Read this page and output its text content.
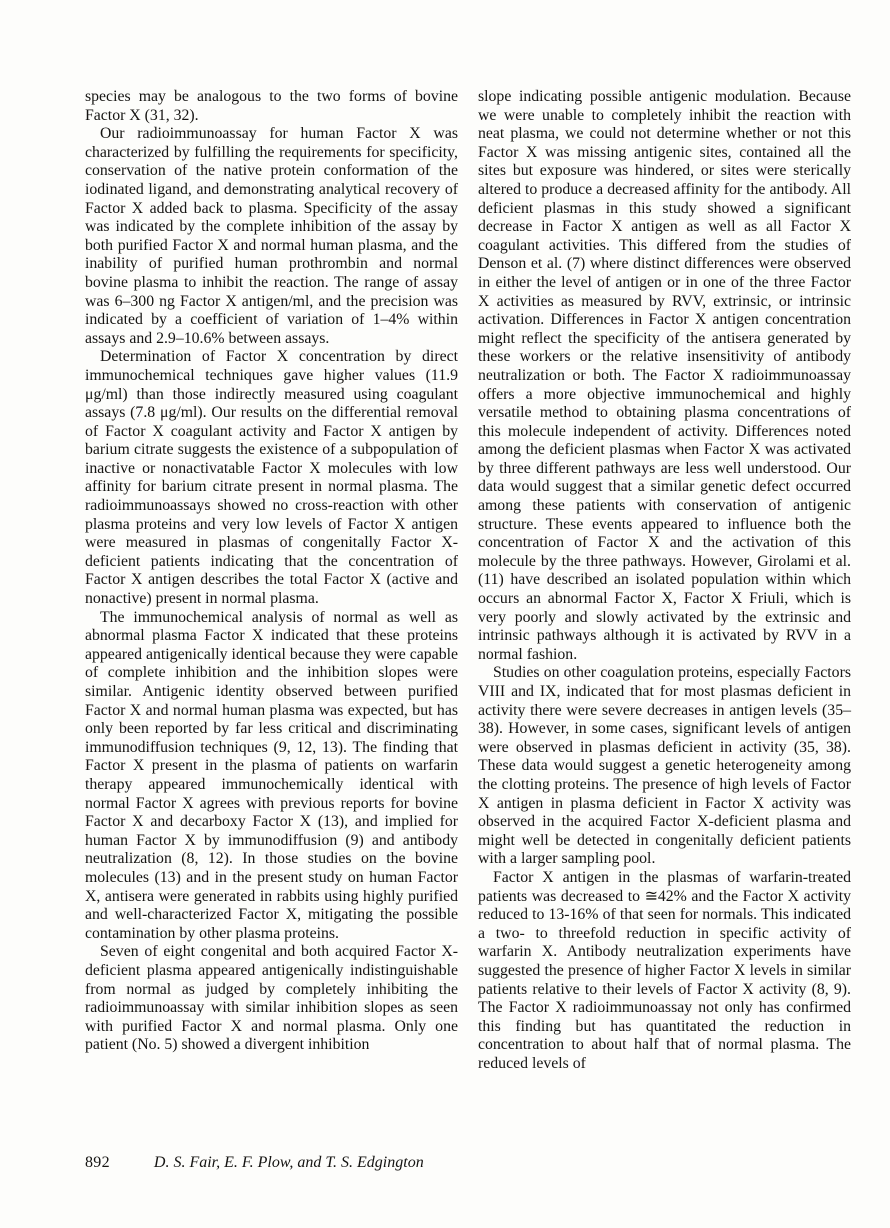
species may be analogous to the two forms of bovine Factor X (31, 32).

Our radioimmunoassay for human Factor X was characterized by fulfilling the requirements for specificity, conservation of the native protein conformation of the iodinated ligand, and demonstrating analytical recovery of Factor X added back to plasma. Specificity of the assay was indicated by the complete inhibition of the assay by both purified Factor X and normal human plasma, and the inability of purified human prothrombin and normal bovine plasma to inhibit the reaction. The range of assay was 6–300 ng Factor X antigen/ml, and the precision was indicated by a coefficient of variation of 1–4% within assays and 2.9–10.6% between assays.

Determination of Factor X concentration by direct immunochemical techniques gave higher values (11.9 μg/ml) than those indirectly measured using coagulant assays (7.8 μg/ml). Our results on the differential removal of Factor X coagulant activity and Factor X antigen by barium citrate suggests the existence of a subpopulation of inactive or nonactivatable Factor X molecules with low affinity for barium citrate present in normal plasma. The radioimmunoassays showed no cross-reaction with other plasma proteins and very low levels of Factor X antigen were measured in plasmas of congenitally Factor X-deficient patients indicating that the concentration of Factor X antigen describes the total Factor X (active and nonactive) present in normal plasma.

The immunochemical analysis of normal as well as abnormal plasma Factor X indicated that these proteins appeared antigenically identical because they were capable of complete inhibition and the inhibition slopes were similar. Antigenic identity observed between purified Factor X and normal human plasma was expected, but has only been reported by far less critical and discriminating immunodiffusion techniques (9, 12, 13). The finding that Factor X present in the plasma of patients on warfarin therapy appeared immunochemically identical with normal Factor X agrees with previous reports for bovine Factor X and decarboxy Factor X (13), and implied for human Factor X by immunodiffusion (9) and antibody neutralization (8, 12). In those studies on the bovine molecules (13) and in the present study on human Factor X, antisera were generated in rabbits using highly purified and well-characterized Factor X, mitigating the possible contamination by other plasma proteins.

Seven of eight congenital and both acquired Factor X-deficient plasma appeared antigenically indistinguishable from normal as judged by completely inhibiting the radioimmunoassay with similar inhibition slopes as seen with purified Factor X and normal plasma. Only one patient (No. 5) showed a divergent inhibition

slope indicating possible antigenic modulation. Because we were unable to completely inhibit the reaction with neat plasma, we could not determine whether or not this Factor X was missing antigenic sites, contained all the sites but exposure was hindered, or sites were sterically altered to produce a decreased affinity for the antibody. All deficient plasmas in this study showed a significant decrease in Factor X antigen as well as all Factor X coagulant activities. This differed from the studies of Denson et al. (7) where distinct differences were observed in either the level of antigen or in one of the three Factor X activities as measured by RVV, extrinsic, or intrinsic activation. Differences in Factor X antigen concentration might reflect the specificity of the antisera generated by these workers or the relative insensitivity of antibody neutralization or both. The Factor X radioimmunoassay offers a more objective immunochemical and highly versatile method to obtaining plasma concentrations of this molecule independent of activity. Differences noted among the deficient plasmas when Factor X was activated by three different pathways are less well understood. Our data would suggest that a similar genetic defect occurred among these patients with conservation of antigenic structure. These events appeared to influence both the concentration of Factor X and the activation of this molecule by the three pathways. However, Girolami et al. (11) have described an isolated population within which occurs an abnormal Factor X, Factor X Friuli, which is very poorly and slowly activated by the extrinsic and intrinsic pathways although it is activated by RVV in a normal fashion.

Studies on other coagulation proteins, especially Factors VIII and IX, indicated that for most plasmas deficient in activity there were severe decreases in antigen levels (35–38). However, in some cases, significant levels of antigen were observed in plasmas deficient in activity (35, 38). These data would suggest a genetic heterogeneity among the clotting proteins. The presence of high levels of Factor X antigen in plasma deficient in Factor X activity was observed in the acquired Factor X-deficient plasma and might well be detected in congenitally deficient patients with a larger sampling pool.

Factor X antigen in the plasmas of warfarin-treated patients was decreased to ≅42% and the Factor X activity reduced to 13-16% of that seen for normals. This indicated a two- to threefold reduction in specific activity of warfarin X. Antibody neutralization experiments have suggested the presence of higher Factor X levels in similar patients relative to their levels of Factor X activity (8, 9). The Factor X radioimmunoassay not only has confirmed this finding but has quantitated the reduction in concentration to about half that of normal plasma. The reduced levels of

892	D. S. Fair, E. F. Plow, and T. S. Edgington
